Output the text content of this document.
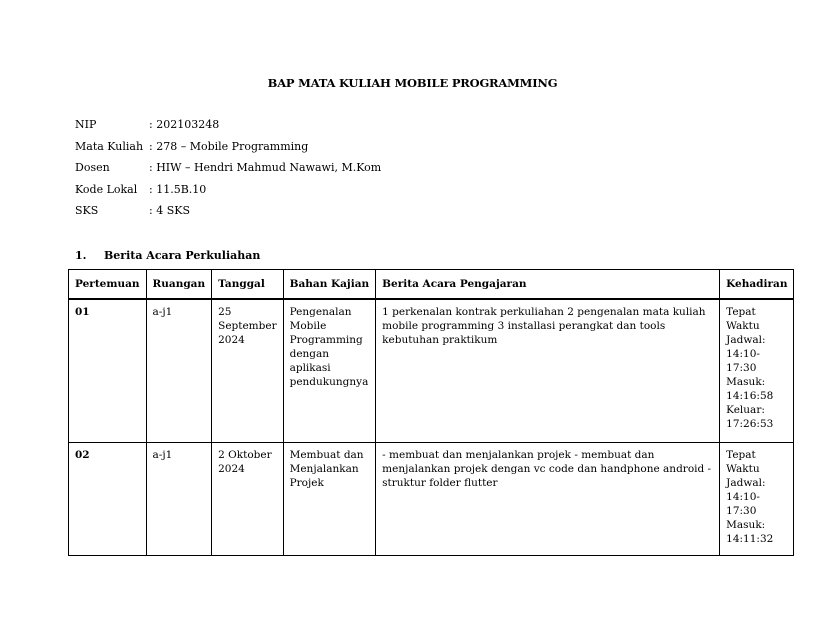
BAP MATA KULIAH MOBILE PROGRAMMING
NIP	: 202103248
Mata Kuliah : 278 – Mobile Programming
Dosen	: HIW – Hendri Mahmud Nawawi, M.Kom
Kode Lokal	: 11.5B.10
SKS	: 4 SKS
1. Berita Acara Perkuliahan
Pertemuan	Ruangan	Tanggal	Bahan Kajian	Berita Acara Pengajaran	Kehadiran
01	a-j1	25 September 2024	Pengenalan Mobile Programming dengan aplikasi pendukungnya	1 perkenalan kontrak perkuliahan 2 pengenalan mata kuliah mobile programming 3 installasi perangkat dan tools kebutuhan praktikum	Tepat Waktu Jadwal: 14:10-17:30 Masuk: 14:16:58 Keluar: 17:26:53
02	a-j1	2 Oktober 2024	Membuat dan Menjalankan Projek	- membuat dan menjalankan projek - membuat dan menjalankan projek dengan vc code dan handphone android - struktur folder flutter	Tepat Waktu Jadwal: 14:10-17:30 Masuk: 14:11:32
